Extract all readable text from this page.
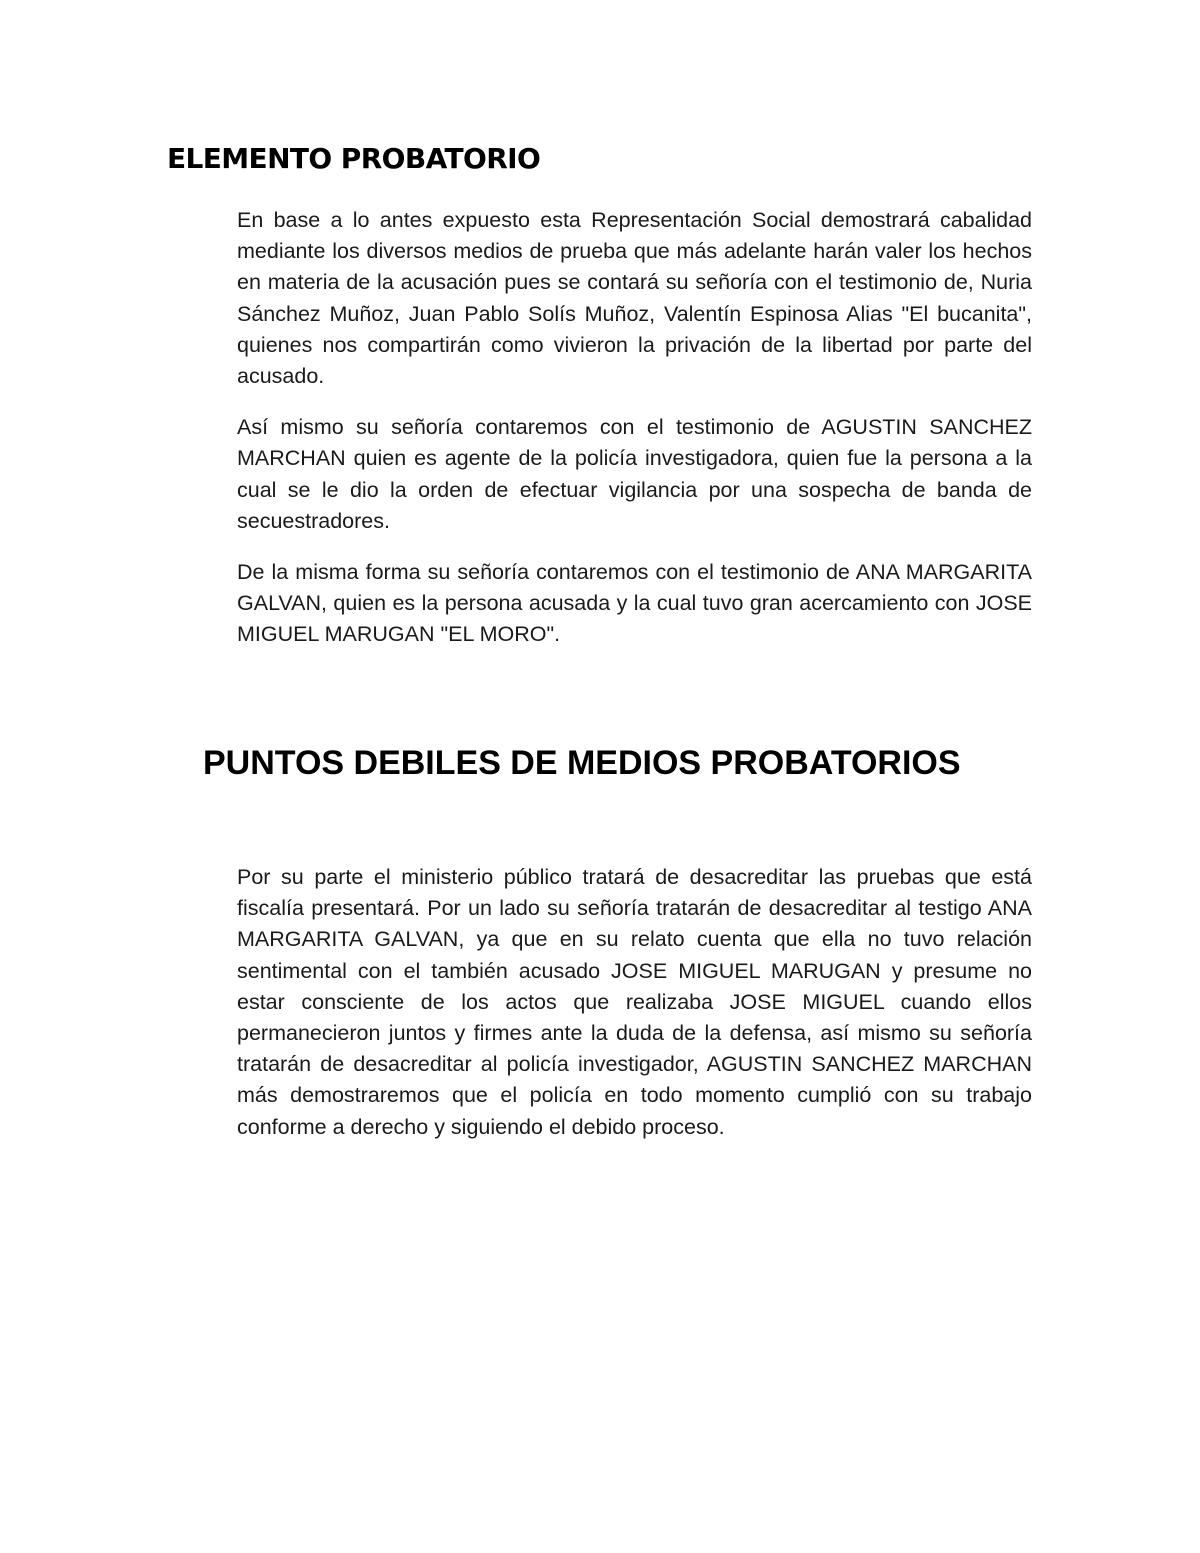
ELEMENTO PROBATORIO

En base a lo antes expuesto esta Representación Social demostrará cabalidad mediante los diversos medios de prueba que más adelante harán valer los hechos en materia de la acusación pues se contará su señoría con el testimonio de, Nuria Sánchez Muñoz, Juan Pablo Solís Muñoz, Valentín Espinosa Alias "El bucanita", quienes nos compartirán como vivieron la privación de la libertad por parte del acusado.

Así mismo su señoría contaremos con el testimonio de AGUSTIN SANCHEZ MARCHAN quien es agente de la policía investigadora, quien fue la persona a la cual se le dio la orden de efectuar vigilancia por una sospecha de banda de secuestradores.

De la misma forma su señoría contaremos con el testimonio de ANA MARGARITA GALVAN, quien es la persona acusada y la cual tuvo gran acercamiento con JOSE MIGUEL MARUGAN "EL MORO".

PUNTOS DEBILES DE MEDIOS PROBATORIOS

Por su parte el ministerio público tratará de desacreditar las pruebas que está fiscalía presentará. Por un lado su señoría tratarán de desacreditar al testigo ANA MARGARITA GALVAN, ya que en su relato cuenta que ella no tuvo relación sentimental con el también acusado JOSE MIGUEL MARUGAN y presume no estar consciente de los actos que realizaba JOSE MIGUEL cuando ellos permanecieron juntos y firmes ante la duda de la defensa, así mismo su señoría tratarán de desacreditar al policía investigador, AGUSTIN SANCHEZ MARCHAN más demostraremos que el policía en todo momento cumplió con su trabajo conforme a derecho y siguiendo el debido proceso.
